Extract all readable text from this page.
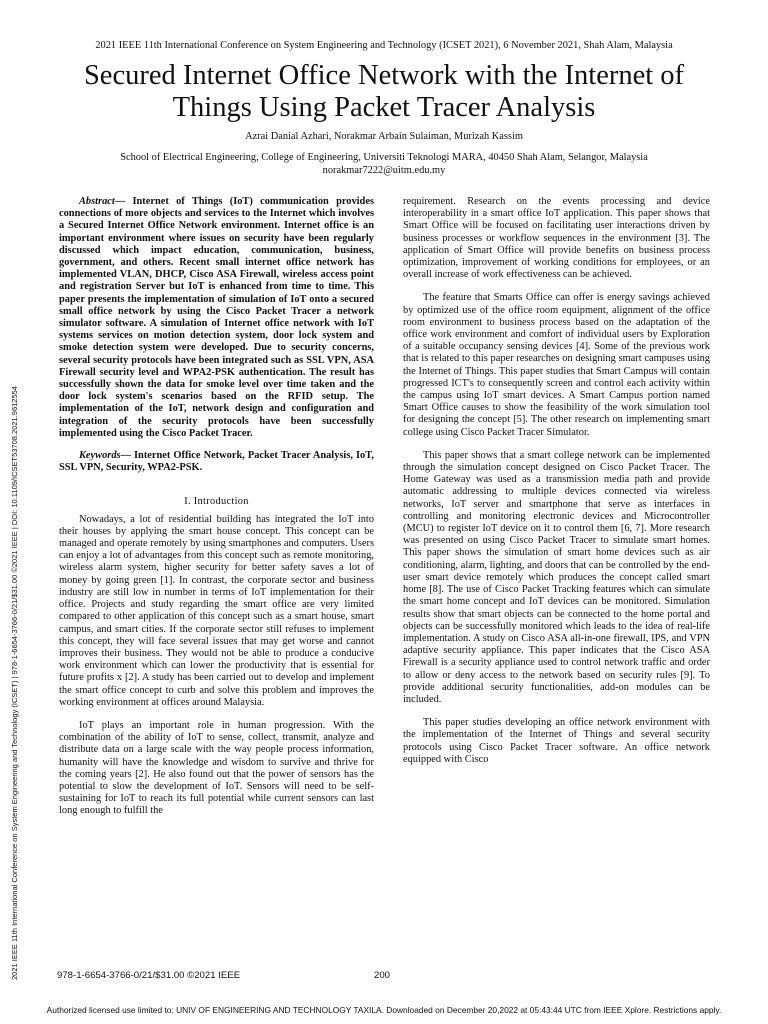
2021 IEEE 11th International Conference on System Engineering and Technology (ICSET 2021), 6 November 2021, Shah Alam, Malaysia
Secured Internet Office Network with the Internet of
Things Using Packet Tracer Analysis
Azrai Danial Azhari, Norakmar Arbain Sulaiman, Murizah Kassim
School of Electrical Engineering, College of Engineering, Universiti Teknologi MARA, 40450 Shah Alam, Selangor, Malaysia
norakmar7222@uitm.edu.my
2021 IEEE 11th International Conference on System Engineering and Technology (ICSET) | 978-1-6654-3766-0/21/$31.00 ©2021 IEEE | DOI: 10.1109/ICSET53708.2021.9612554

Abstract— Internet of Things (IoT) communication provides connections of more objects and services to the Internet which involves a Secured Internet Office Network environment. Internet office is an important environment where issues on security have been regularly discussed which impact education, communication, business, government, and others. Recent small internet office network has implemented VLAN, DHCP, Cisco ASA Firewall, wireless access point and registration Server but IoT is enhanced from time to time. This paper presents the implementation of simulation of IoT onto a secured small office network by using the Cisco Packet Tracer a network simulator software. A simulation of Internet office network with IoT systems services on motion detection system, door lock system and smoke detection system were developed. Due to security concerns, several security protocols have been integrated such as SSL VPN, ASA Firewall security level and WPA2-PSK authentication. The result has successfully shown the data for smoke level over time taken and the door lock system's scenarios based on the RFID setup. The implementation of the IoT, network design and configuration and integration of the security protocols have been successfully implemented using the Cisco Packet Tracer.

Keywords— Internet Office Network, Packet Tracer Analysis, IoT, SSL VPN, Security, WPA2-PSK.

I. Introduction

Nowadays, a lot of residential building has integrated the IoT into their houses by applying the smart house concept. This concept can be managed and operate remotely by using smartphones and computers. Users can enjoy a lot of advantages from this concept such as remote monitoring, wireless alarm system, higher security for better safety saves a lot of money by going green [1]. In contrast, the corporate sector and business industry are still low in number in terms of IoT implementation for their office. Projects and study regarding the smart office are very limited compared to other application of this concept such as a smart house, smart campus, and smart cities. If the corporate sector still refuses to implement this concept, they will face several issues that may get worse and cannot improves their business. They would not be able to produce a conducive work environment which can lower the productivity that is essential for future profits x [2]. A study has been carried out to develop and implement the smart office concept to curb and solve this problem and improves the working environment at offices around Malaysia.

IoT plays an important role in human progression. With the combination of the ability of IoT to sense, collect, transmit, analyze and distribute data on a large scale with the way people process information, humanity will have the knowledge and wisdom to survive and thrive for the coming years [2]. He also found out that the power of sensors has the potential to slow the development of IoT. Sensors will need to be self-sustaining for IoT to reach its full potential while current sensors can last long enough to fulfill the

requirement. Research on the events processing and device interoperability in a smart office IoT application. This paper shows that Smart Office will be focused on facilitating user interactions driven by business processes or workflow sequences in the environment [3]. The application of Smart Office will provide benefits on business process optimization, improvement of working conditions for employees, or an overall increase of work effectiveness can be achieved.

The feature that Smarts Office can offer is energy savings achieved by optimized use of the office room equipment, alignment of the office room environment to business process based on the adaptation of the office work environment and comfort of individual users by Exploration of a suitable occupancy sensing devices [4]. Some of the previous work that is related to this paper researches on designing smart campuses using the Internet of Things. This paper studies that Smart Campus will contain progressed ICT's to consequently screen and control each activity within the campus using IoT smart devices. A Smart Campus portion named Smart Office causes to show the feasibility of the work simulation tool for designing the concept [5]. The other research on implementing smart college using Cisco Packet Tracer Simulator.

This paper shows that a smart college network can be implemented through the simulation concept designed on Cisco Packet Tracer. The Home Gateway was used as a transmission media path and provide automatic addressing to multiple devices connected via wireless networks, IoT server and smartphone that serve as interfaces in controlling and monitoring electronic devices and Microcontroller (MCU) to register IoT device on it to control them [6, 7]. More research was presented on using Cisco Packet Tracer to simulate smart homes. This paper shows the simulation of smart home devices such as air conditioning, alarm, lighting, and doors that can be controlled by the end-user smart device remotely which produces the concept called smart home [8]. The use of Cisco Packet Tracking features which can simulate the smart home concept and IoT devices can be monitored. Simulation results show that smart objects can be connected to the home portal and objects can be successfully monitored which leads to the idea of real-life implementation. A study on Cisco ASA all-in-one firewall, IPS, and VPN adaptive security appliance. This paper indicates that the Cisco ASA Firewall is a security appliance used to control network traffic and order to allow or deny access to the network based on security rules [9]. To provide additional security functionalities, add-on modules can be included.

This paper studies developing an office network environment with the implementation of the Internet of Things and several security protocols using Cisco Packet Tracer software. An office network equipped with Cisco

978-1-6654-3766-0/21/$31.00 ©2021 IEEE	200
Authorized licensed use limited to: UNIV OF ENGINEERING AND TECHNOLOGY TAXILA. Downloaded on December 20,2022 at 05:43:44 UTC from IEEE Xplore. Restrictions apply.
